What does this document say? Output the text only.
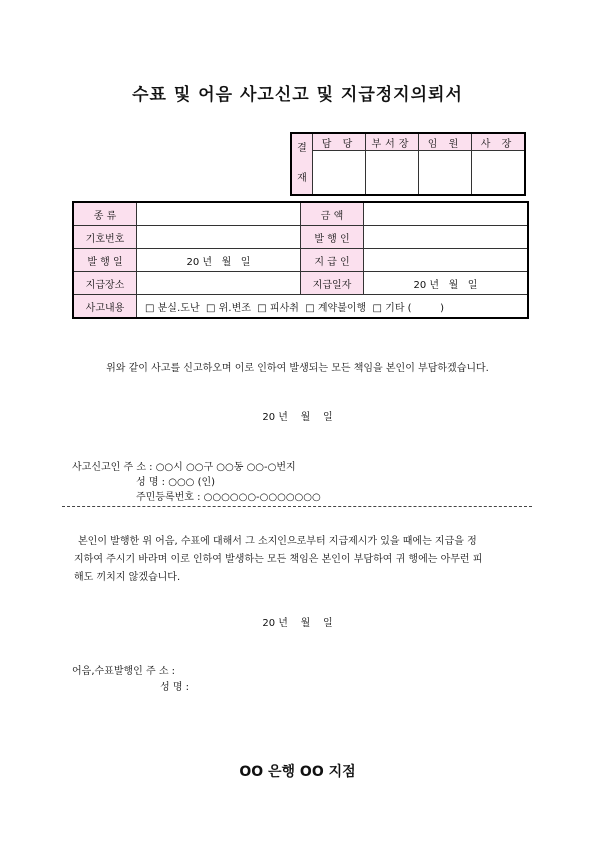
수표 및 어음 사고신고 및 지급정지의뢰서
결
재	담 당	부서장	임 원	사 장

종 류		금 액	
기호번호		발 행 인	
발 행 일	20 년   월   일	지 급 인	
지급장소		지급일자	20 년   월   일
사고내용	□ 분실․도난  □ 위․변조  □ 피사취  □ 계약불이행  □ 기타 (         )		
위와 같이 사고를 신고하오며 이로 인하여 발생되는 모든 책임을 본인이 부담하겠습니다.
20 년    월    일
사고신고인 주 소 : ○○시 ○○구 ○○동 ○○-○번지
성 명 : ○○○ (인)
주민등록번호 : ○○○○○○-○○○○○○○
본인이 발행한 위 어음, 수표에 대해서 그 소지인으로부터 지급제시가 있을 때에는 지급을 정
지하여 주시기 바라며 이로 인하여 발생하는 모든 책임은 본인이 부담하여 귀 행에는 아무런 피
해도 끼치지 않겠습니다.
20 년    월    일
어음,수표발행인 주 소 :
성 명 :
OO 은행 OO 지점
